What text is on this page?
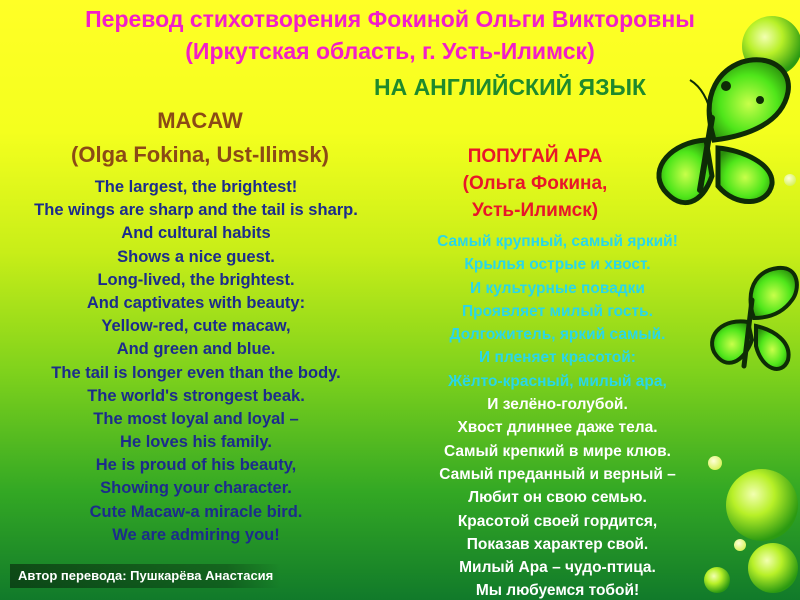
Перевод стихотворения Фокиной Ольги Викторовны
(Иркутская область, г. Усть-Илимск)
НА АНГЛИЙСКИЙ ЯЗЫК
MACAW
(Olga Fokina, Ust-Ilimsk)
The largest, the brightest!
The wings are sharp and the tail is sharp.
And cultural habits
Shows a nice guest.
Long-lived, the brightest.
And captivates with beauty:
Yellow-red, cute macaw,
And green and blue.
The tail is longer even than the body.
The world's strongest beak.
The most loyal and loyal –
He loves his family.
He is proud of his beauty,
Showing your character.
Cute Macaw-a miracle bird.
We are admiring you!
ПОПУГАЙ АРА
(Ольга Фокина,
Усть-Илимск)
Самый крупный, самый яркий!
Крылья острые и хвост.
И культурные повадки
Проявляет милый гость.
Долгожитель, яркий самый.
И пленяет красотой:
Жёлто-красный, милый ара,
И зелёно-голубой.
Хвост длиннее даже тела.
Самый крепкий в мире клюв.
Самый преданный и верный –
Любит он свою семью.
Красотой своей гордится,
Показав характер свой.
Милый Ара – чудо-птица.
Мы любуемся тобой!
Автор перевода: Пушкарёва Анастасия
